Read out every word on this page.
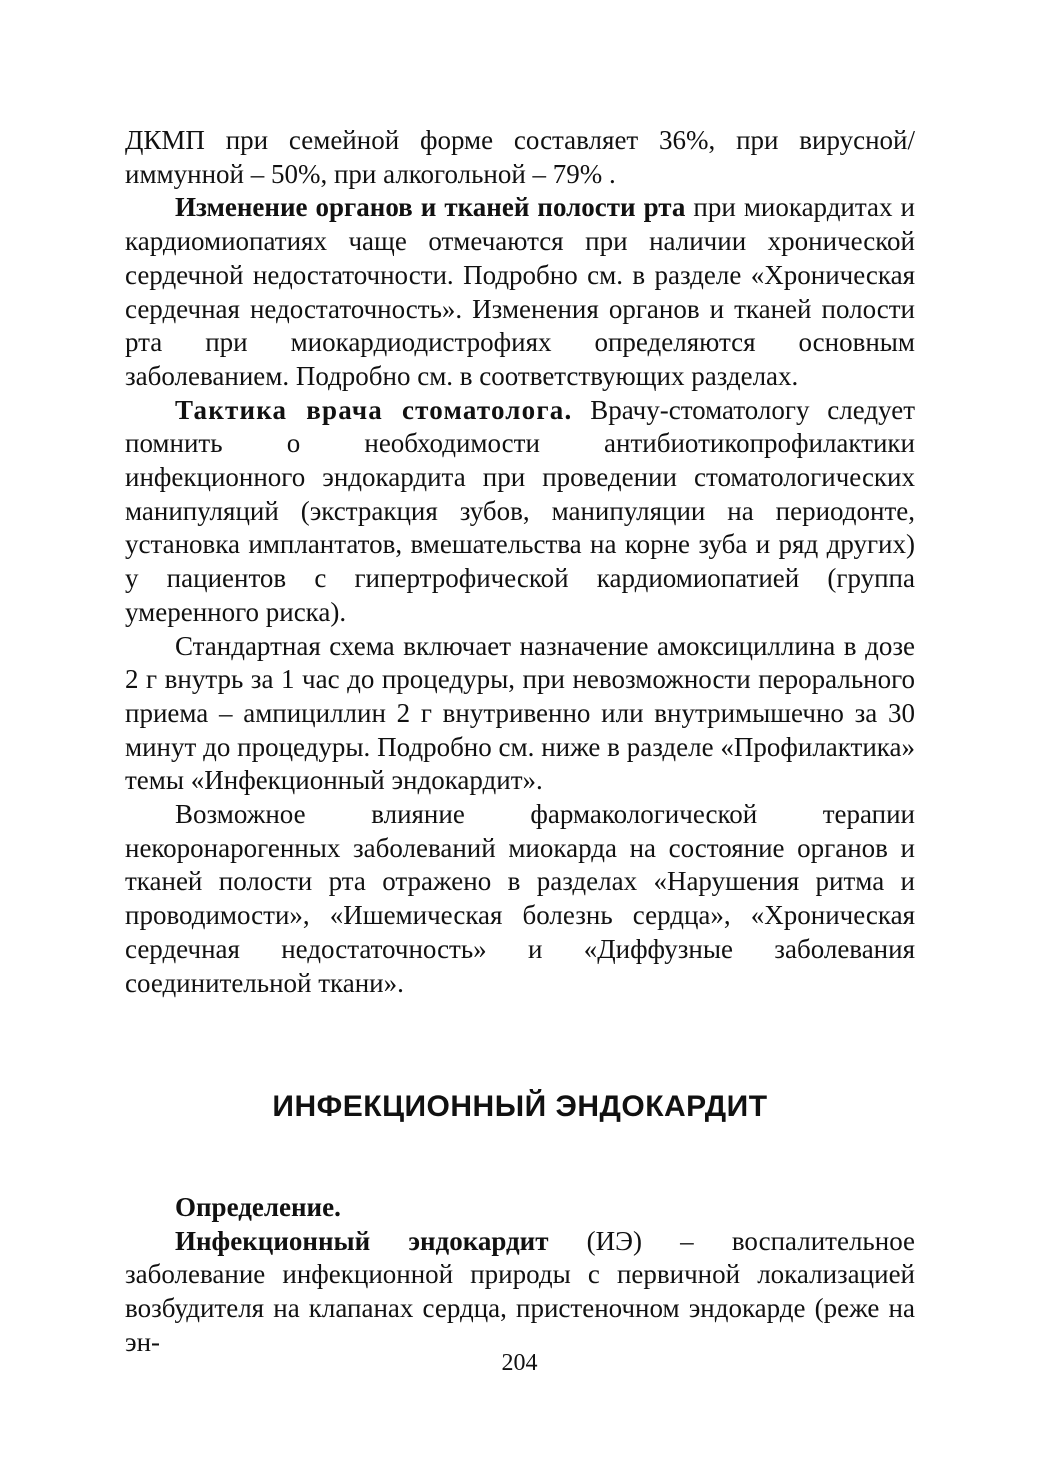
ДКМП при семейной форме составляет 36%, при вирусной/иммунной – 50%, при алкогольной – 79% .

Изменение органов и тканей полости рта при миокардитах и кардиомиопатиях чаще отмечаются при наличии хронической сердечной недостаточности. Подробно см. в разделе «Хроническая сердечная недостаточность». Изменения органов и тканей полости рта при миокардиодистрофиях определяются основным заболеванием. Подробно см. в соответствующих разделах.

Тактика врача стоматолога. Врачу-стоматологу следует помнить о необходимости антибиотикопрофилактики инфекционного эндокардита при проведении стоматологических манипуляций (экстракция зубов, манипуляции на периодонте, установка имплантатов, вмешательства на корне зуба и ряд других) у пациентов с гипертрофической кардиомиопатией (группа умеренного риска).

Стандартная схема включает назначение амоксициллина в дозе 2 г внутрь за 1 час до процедуры, при невозможности перорального приема – ампициллин 2 г внутривенно или внутримышечно за 30 минут до процедуры. Подробно см. ниже в разделе «Профилактика» темы «Инфекционный эндокардит».

Возможное влияние фармакологической терапии некоронарогенных заболеваний миокарда на состояние органов и тканей полости рта отражено в разделах «Нарушения ритма и проводимости», «Ишемическая болезнь сердца», «Хроническая сердечная недостаточность» и «Диффузные заболевания соединительной ткани».

ИНФЕКЦИОННЫЙ ЭНДОКАРДИТ

Определение.

Инфекционный эндокардит (ИЭ) – воспалительное заболевание инфекционной природы с первичной локализацией возбудителя на клапанах сердца, пристеночном эндокарде (реже на эн-

204
